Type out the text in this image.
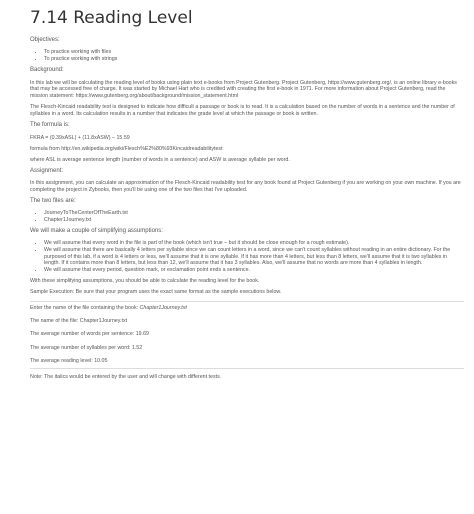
7.14 Reading Level
Objectives:
• To practice working with files
• To practice working with strings
Background:

In this lab we will be calculating the reading level of books using plain text e-books from Project Gutenberg. Project Gutenberg, https://www.gutenberg.org/, is an online library e-books that may be accessed free of charge. It was started by Michael Hart who is credited with creating the first e-book in 1971. For more information about Project Gutenberg, read the mission statement: https://www.gutenberg.org/about/background/mission_statement.html

The Flesch-Kincaid readability test is designed to indicate how difficult a passage or book is to read. It is a calculation based on the number of words in a sentence and the number of syllables in a word. Its calculation results in a number that indicates the grade level at which the passage or book is written.

The formula is:

FKRA = (0.39xASL) + (11.8xASW) – 15.59

formula from http://en.wikipedia.org/wiki/Flesch%E2%80%93Kincaidreadabilitytest

where ASL is average sentence length (number of words in a sentence) and ASW is average syllable per word.

Assignment:

In this assignment, you can calculate an approximation of the Flesch-Kincaid readability test for any book found at Project Gutenberg if you are working on your own machine. If you are completing the project in Zybooks, then you'll be using one of the two files that I've uploaded.

The two files are:
• JourneyToTheCenterOfTheEarth.txt
• Chapter1Journey.txt
We will make a couple of simplifying assumptions:
• We will assume that every word in the file is part of the book (which isn't true – but it should be close enough for a rough estimate).
• We will assume that there are basically 4 letters per syllable since we can count letters in a word, since we can't count syllables without reading in an entire dictionary. For the purposed of this lab, if a word is 4 letters or less, we'll assume that it is one syllable. If it has more than 4 letters, but less than 8 letters, we'll assume that it is two syllables in length. If it contains more than 8 letters, but less than 12, we'll assume that it has 3 syllables. Also, we'll assume that no words are more than 4 syllables in length.
• We will assume that every period, question mark, or exclamation point ends a sentence.

With these simplifying assumptions, you should be able to calculate the reading level for the book.

Sample Execution: Be sure that your program uses the exact same format as the sample executions below.

Enter the name of the file containing the book: Chapter1Journey.txt

The name of the file: Chapter1Journey.txt

The average number of words per sentence: 19.69

The average number of syllables per word: 1.52

The average reading level: 10.05

Note: The italics would be entered by the user and will change with different tests.
